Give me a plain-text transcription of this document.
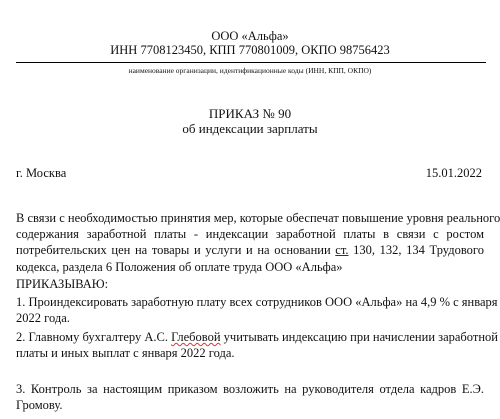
ООО «Альфа»
ИНН 7708123450, КПП 770801009, ОКПО 98756423
наименование организации, идентификационные коды (ИНН, КПП, ОКПО)
ПРИКАЗ № 90
об индексации зарплаты
г. Москва	15.01.2022
В связи с необходимостью принятия мер, которые обеспечат повышение уровня реального
содержания заработной платы - индексации заработной платы в связи с ростом
потребительских цен на товары и услуги и на основании ст. 130, 132, 134 Трудового
кодекса, раздела 6 Положения об оплате труда ООО «Альфа»
ПРИКАЗЫВАЮ:
1. Проиндексировать заработную плату всех сотрудников ООО «Альфа» на 4,9 % с января
2022 года.
2. Главному бухгалтеру А.С. Глебовой учитывать индексацию при начислении заработной
платы и иных выплат с января 2022 года.
3. Контроль за настоящим приказом возложить на руководителя отдела кадров Е.Э.
Громову.
